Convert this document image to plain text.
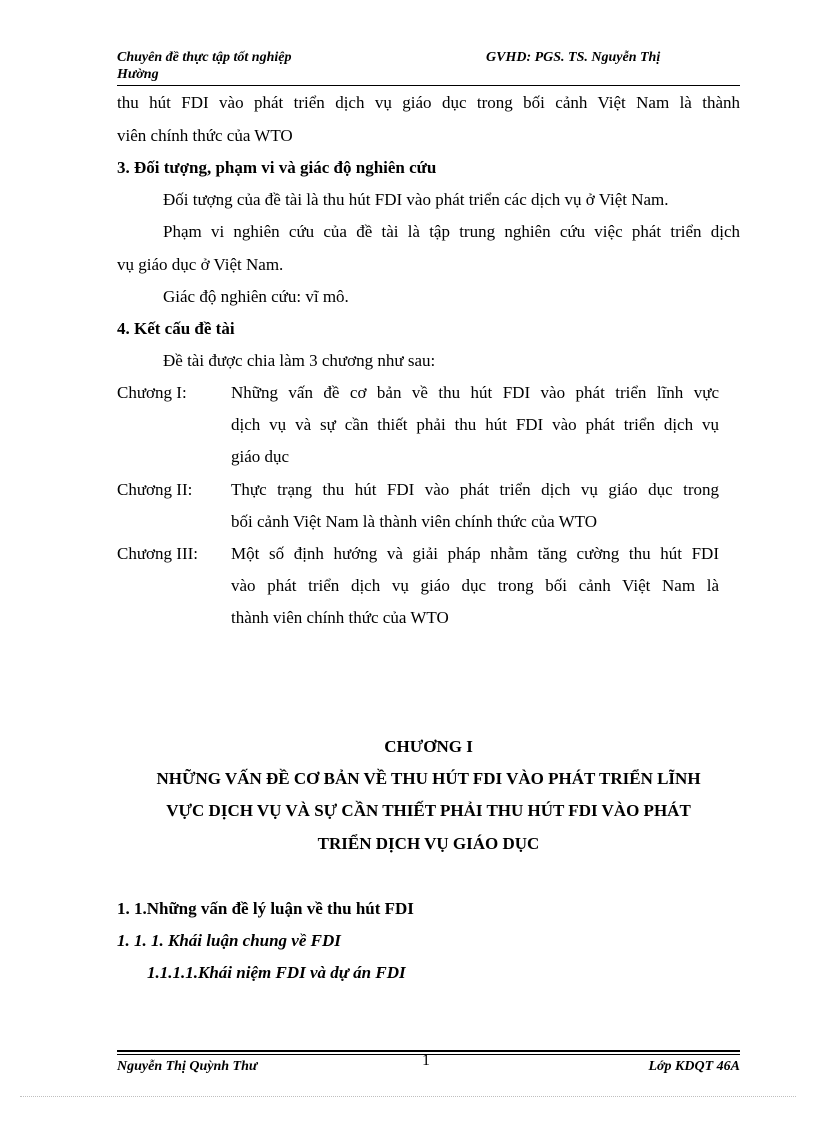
Chuyên đề thực tập tốt nghiệp
Hường
GVHD: PGS. TS. Nguyễn Thị
thu hút FDI vào phát triển dịch vụ giáo dục trong bối cảnh Việt Nam là thành
viên chính thức của WTO
3. Đối tượng, phạm vi và giác độ nghiên cứu
Đối tượng của đề tài là thu hút FDI vào phát triển các dịch vụ ở Việt Nam.
Phạm vi nghiên cứu của đề tài là tập trung nghiên cứu việc phát triển dịch
vụ giáo dục ở Việt Nam.
Giác độ nghiên cứu: vĩ mô.
4. Kết cấu đề tài
Đề tài được chia làm 3 chương như sau:
Chương I:	Những vấn đề cơ bản về thu hút FDI vào phát triển lĩnh vực
dịch vụ và sự cần thiết phải thu hút FDI vào phát triển dịch vụ
giáo dục
Chương II: Thực trạng thu hút FDI vào phát triển dịch vụ giáo dục trong
bối cảnh Việt Nam là thành viên chính thức của WTO
Chương III: Một số định hướng và giải pháp nhằm tăng cường thu hút FDI
vào phát triển dịch vụ giáo dục trong bối cảnh Việt Nam là
thành viên chính thức của WTO
CHƯƠNG I
NHỮNG VẤN ĐỀ CƠ BẢN VỀ THU HÚT FDI VÀO PHÁT TRIỂN LĨNH
VỰC DỊCH VỤ VÀ SỰ CẦN THIẾT PHẢI THU HÚT FDI VÀO PHÁT
TRIỂN DỊCH VỤ GIÁO DỤC
1. 1.Những vấn đề lý luận về thu hút FDI
1. 1. 1. Khái luận chung về FDI
1.1.1.1.Khái niệm FDI và dự án FDI
Nguyễn Thị Quỳnh Thư	1	Lớp KDQT 46A
